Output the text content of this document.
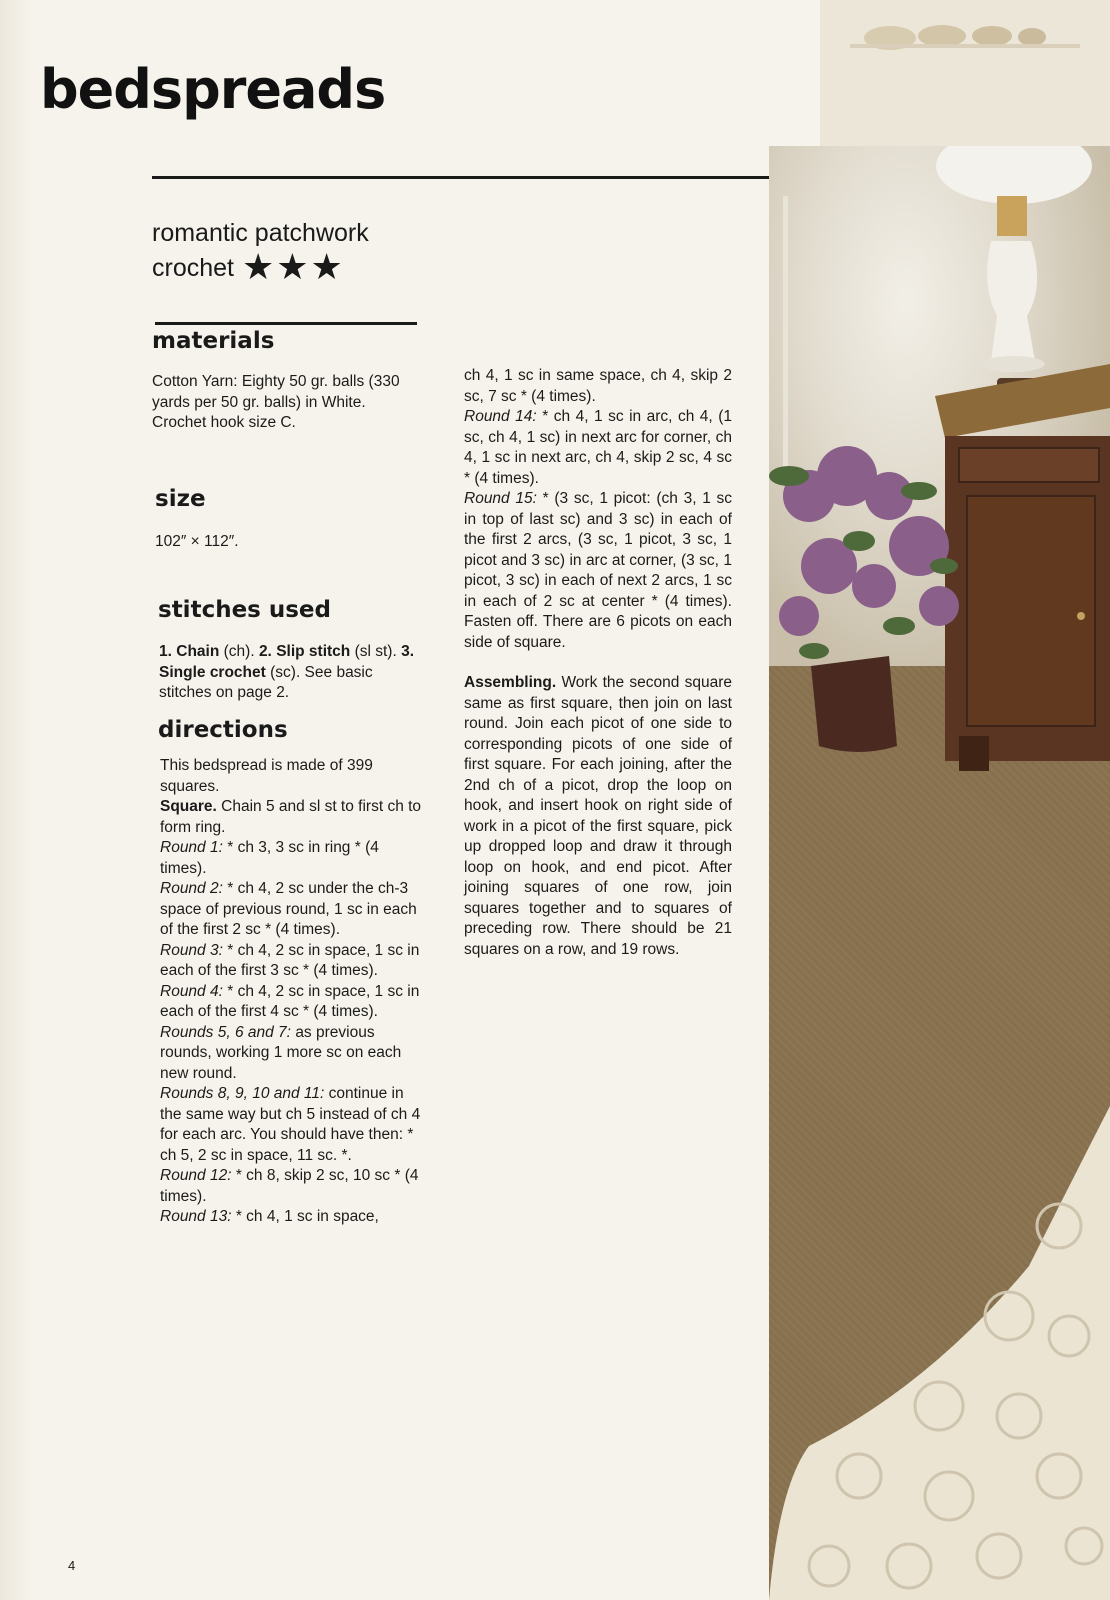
bedspreads
romantic patchwork
crochet ★★★
materials

Cotton Yarn: Eighty 50 gr. balls (330 yards per 50 gr. balls) in White. Crochet hook size C.

size

102″ × 112″.

stitches used

1. Chain (ch). 2. Slip stitch (sl st). 3. Single crochet (sc). See basic stitches on page 2.

directions

This bedspread is made of 399 squares.

Square. Chain 5 and sl st to first ch to form ring.

Round 1: * ch 3, 3 sc in ring * (4 times).

Round 2: * ch 4, 2 sc under the ch-3 space of previous round, 1 sc in each of the first 2 sc * (4 times).

Round 3: * ch 4, 2 sc in space, 1 sc in each of the first 3 sc * (4 times).

Round 4: * ch 4, 2 sc in space, 1 sc in each of the first 4 sc * (4 times).

Rounds 5, 6 and 7: as previous rounds, working 1 more sc on each new round.

Rounds 8, 9, 10 and 11: continue in the same way but ch 5 instead of ch 4 for each arc. You should have then: * ch 5, 2 sc in space, 11 sc. *.

Round 12: * ch 8, skip 2 sc, 10 sc * (4 times).

Round 13: * ch 4, 1 sc in space,

ch 4, 1 sc in same space, ch 4, skip 2 sc, 7 sc * (4 times).

Round 14: * ch 4, 1 sc in arc, ch 4, (1 sc, ch 4, 1 sc) in next arc for corner, ch 4, 1 sc in next arc, ch 4, skip 2 sc, 4 sc * (4 times).

Round 15: * (3 sc, 1 picot: (ch 3, 1 sc in top of last sc) and 3 sc) in each of the first 2 arcs, (3 sc, 1 picot, 3 sc, 1 picot and 3 sc) in arc at corner, (3 sc, 1 picot, 3 sc) in each of next 2 arcs, 1 sc in each of 2 sc at center * (4 times). Fasten off. There are 6 picots on each side of square.

Assembling. Work the second square same as first square, then join on last round. Join each picot of one side to corresponding picots of one side of first square. For each joining, after the 2nd ch of a picot, drop the loop on hook, and insert hook on right side of work in a picot of the first square, pick up dropped loop and draw it through loop on hook, and end picot. After joining squares of one row, join squares together and to squares of preceding row. There should be 21 squares on a row, and 19 rows.

4
